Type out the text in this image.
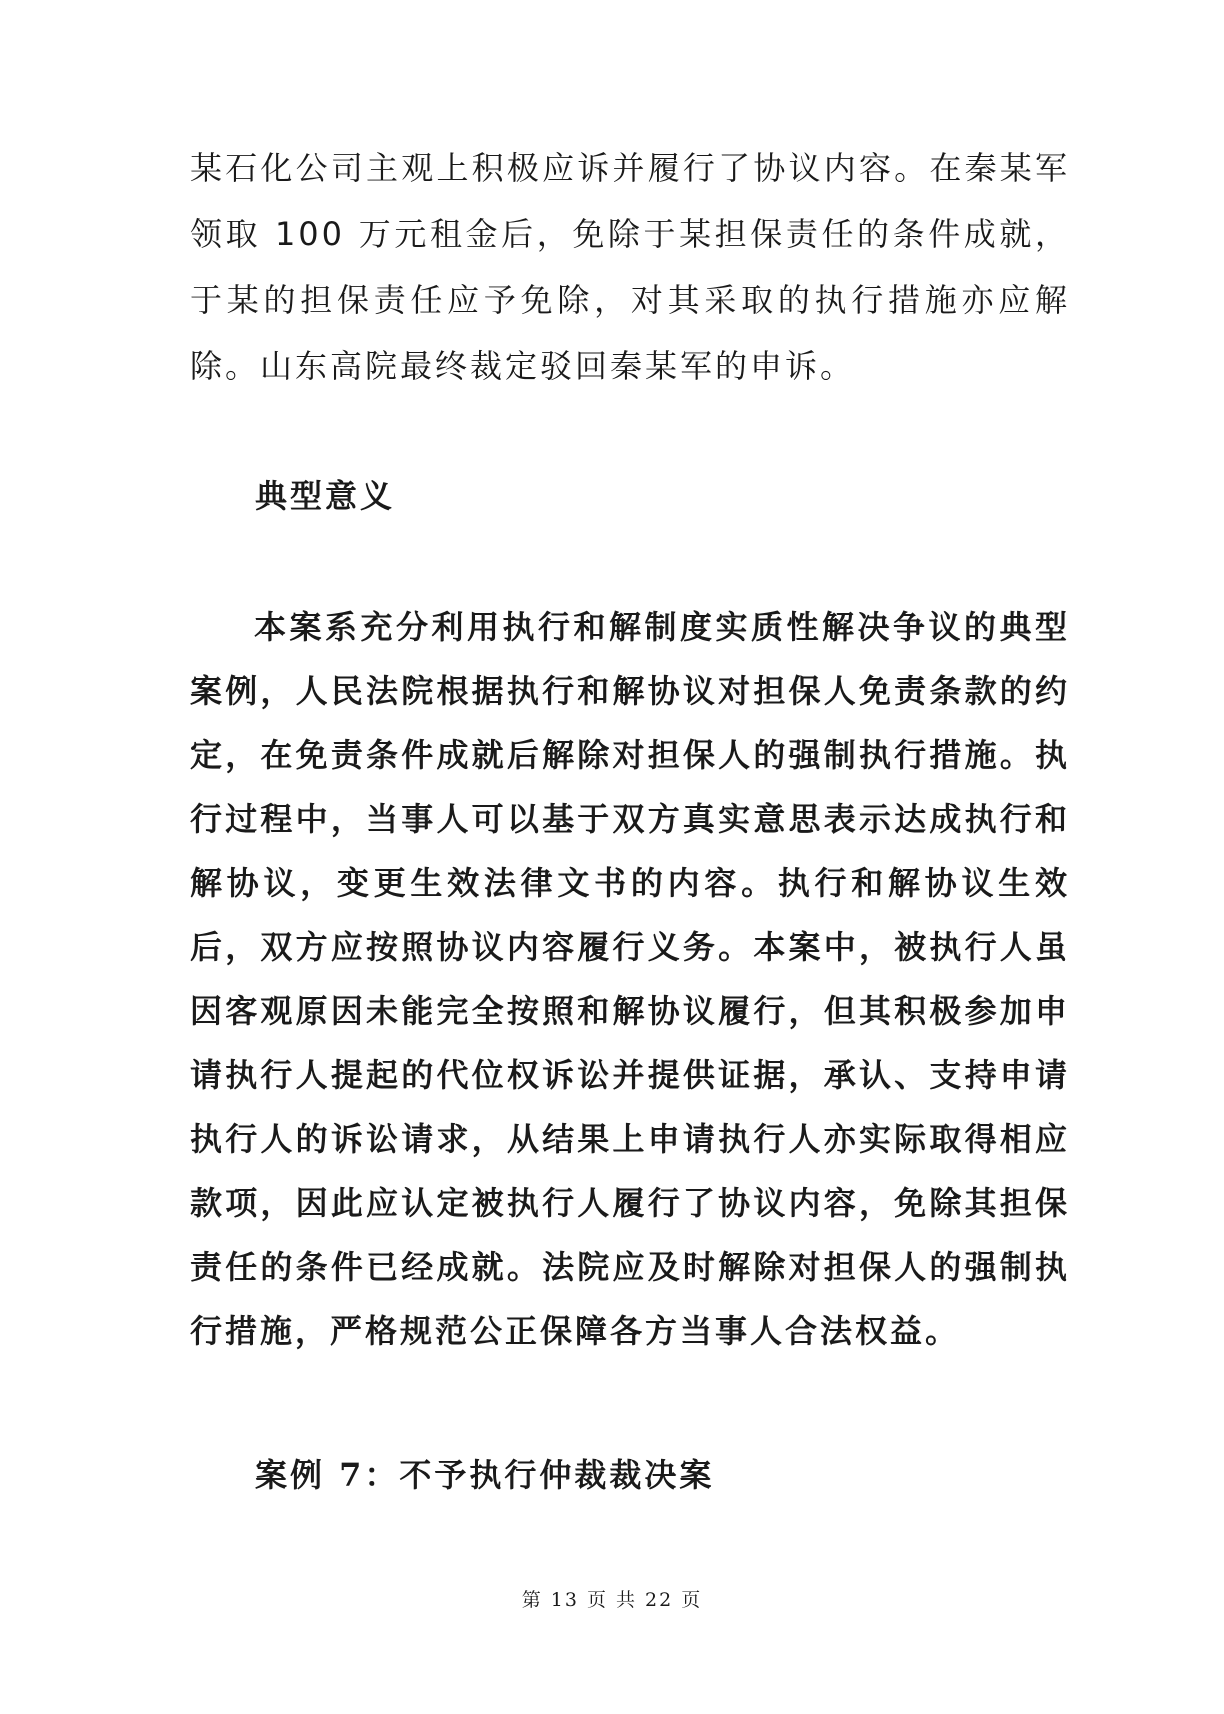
某石化公司主观上积极应诉并履行了协议内容。在秦某军领取 100 万元租金后，免除于某担保责任的条件成就，于某的担保责任应予免除，对其采取的执行措施亦应解除。山东高院最终裁定驳回秦某军的申诉。

典型意义

本案系充分利用执行和解制度实质性解决争议的典型案例，人民法院根据执行和解协议对担保人免责条款的约定，在免责条件成就后解除对担保人的强制执行措施。执行过程中，当事人可以基于双方真实意思表示达成执行和解协议，变更生效法律文书的内容。执行和解协议生效后，双方应按照协议内容履行义务。本案中，被执行人虽因客观原因未能完全按照和解协议履行，但其积极参加申请执行人提起的代位权诉讼并提供证据，承认、支持申请执行人的诉讼请求，从结果上申请执行人亦实际取得相应款项，因此应认定被执行人履行了协议内容，免除其担保责任的条件已经成就。法院应及时解除对担保人的强制执行措施，严格规范公正保障各方当事人合法权益。

案例 7：不予执行仲裁裁决案

第 13 页 共 22 页
